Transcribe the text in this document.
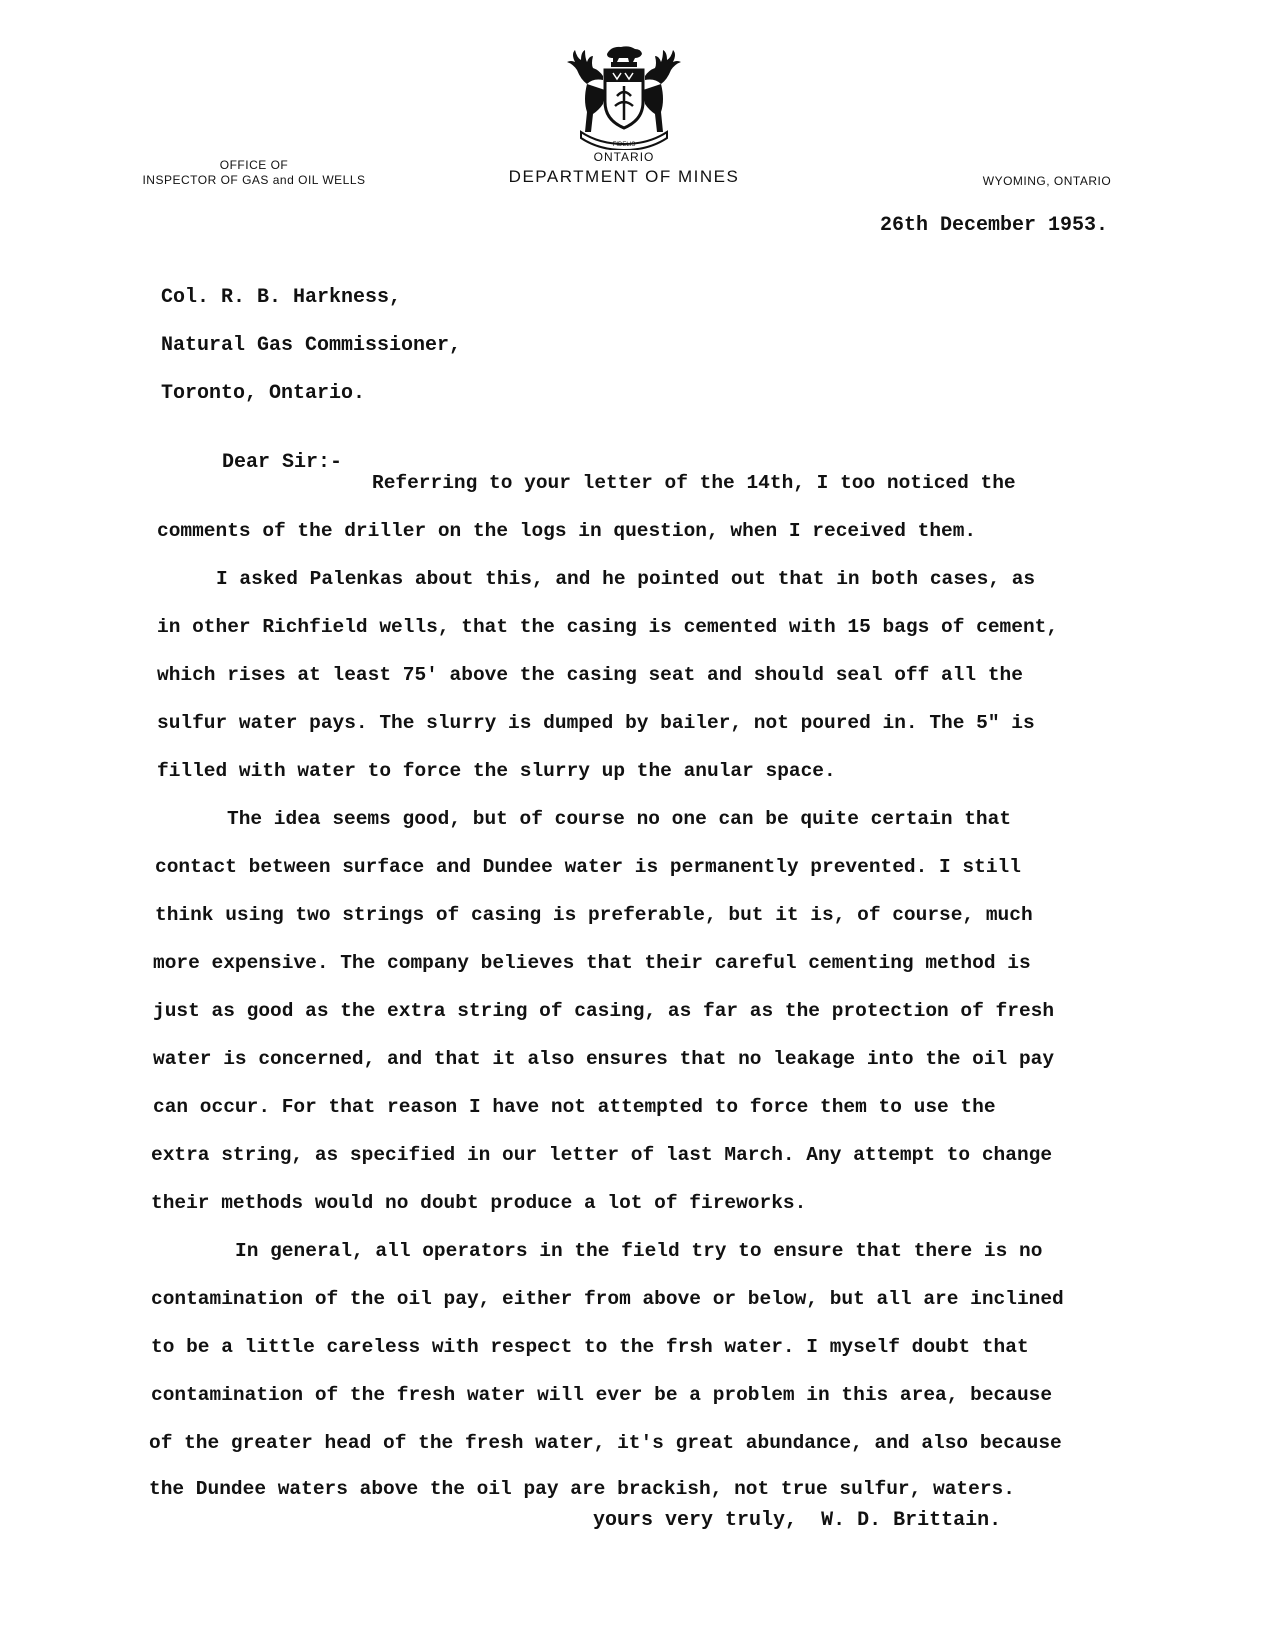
FIDELIS
OFFICE OF
INSPECTOR OF GAS and OIL WELLS
ONTARIO
DEPARTMENT OF MINES	WYOMING, ONTARIO
26th December 1953.
Col. R. B. Harkness,
Natural Gas Commissioner,
Toronto, Ontario.
Dear Sir:-
Referring to your letter of the 14th, I too noticed the
comments of the driller on the logs in question, when I received them.
I asked Palenkas about this, and he pointed out that in both cases, as
in other Richfield wells, that the casing is cemented with 15 bags of cement,
which rises at least 75' above the casing seat and should seal off all the
sulfur water pays. The slurry is dumped by bailer, not poured in. The 5" is
filled with water to force the slurry up the anular space.
The idea seems good, but of course no one can be quite certain that
contact between surface and Dundee water is permanently prevented. I still
think using two strings of casing is preferable, but it is, of course, much
more expensive. The company believes that their careful cementing method is
just as good as the extra string of casing, as far as the protection of fresh
water is concerned, and that it also ensures that no leakage into the oil pay
can occur. For that reason I have not attempted to force them to use the
extra string, as specified in our letter of last March. Any attempt to change
their methods would no doubt produce a lot of fireworks.
In general, all operators in the field try to ensure that there is no
contamination of the oil pay, either from above or below, but all are inclined
to be a little careless with respect to the frsh water. I myself doubt that
contamination of the fresh water will ever be a problem in this area, because
of the greater head of the fresh water, it's great abundance, and also because
the Dundee waters above the oil pay are brackish, not true sulfur, waters.
yours very truly, W. D. Brittain.
